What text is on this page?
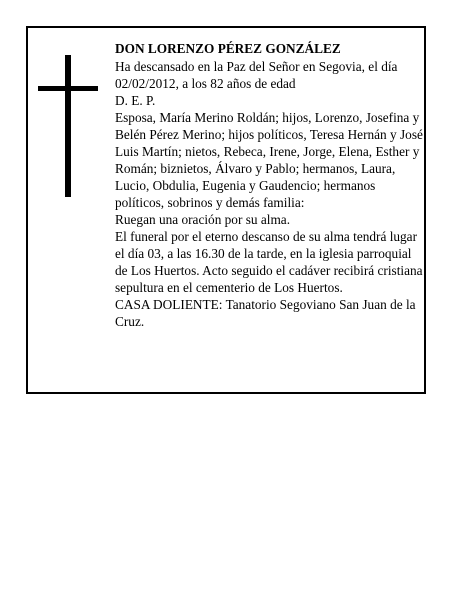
DON LORENZO PÉREZ GONZÁLEZ

Ha descansado en la Paz del Señor en Segovia, el día 02/02/2012, a los 82 años de edad

D. E. P.

Esposa, María Merino Roldán; hijos, Lorenzo, Josefina y Belén Pérez Merino; hijos políticos, Teresa Hernán y José Luis Martín; nietos, Rebeca, Irene, Jorge, Elena, Esther y Román; biznietos, Álvaro y Pablo; hermanos, Laura, Lucio, Obdulia, Eugenia y Gaudencio; hermanos políticos, sobrinos y demás familia:

Ruegan una oración por su alma.

El funeral por el eterno descanso de su alma tendrá lugar el día 03, a las 16.30 de la tarde, en la iglesia parroquial de Los Huertos. Acto seguido el cadáver recibirá cristiana sepultura en el cementerio de Los Huertos.

CASA DOLIENTE: Tanatorio Segoviano San Juan de la Cruz.
